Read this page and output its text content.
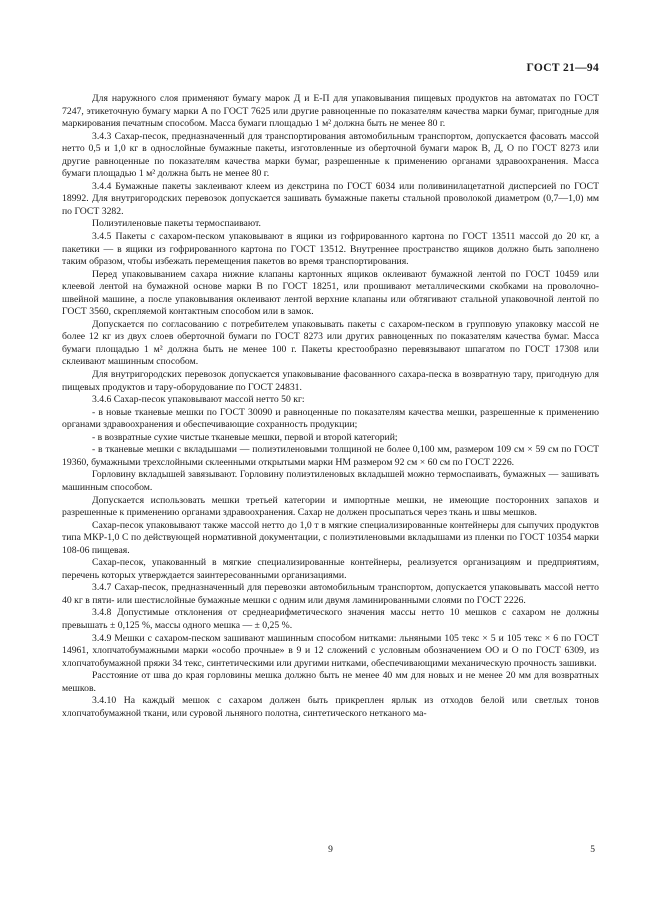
ГОСТ 21—94

Для наружного слоя применяют бумагу марок Д и Е-П для упаковывания пищевых продуктов на автоматах по ГОСТ 7247, этикеточную бумагу марки А по ГОСТ 7625 или другие равноценные по показателям качества марки бумаг, пригодные для маркирования печатным способом. Масса бумаги площадью 1 м² должна быть не менее 80 г.

3.4.3 Сахар-песок, предназначенный для транспортирования автомобильным транспортом, допускается фасовать массой нетто 0,5 и 1,0 кг в однослойные бумажные пакеты, изготовленные из оберточной бумаги марок В, Д, О по ГОСТ 8273 или другие равноценные по показателям качества марки бумаг, разрешенные к применению органами здравоохранения. Масса бумаги площадью 1 м² должна быть не менее 80 г.

3.4.4 Бумажные пакеты заклеивают клеем из декстрина по ГОСТ 6034 или поливинилацетатной дисперсией по ГОСТ 18992. Для внутригородских перевозок допускается зашивать бумажные пакеты стальной проволокой диаметром (0,7—1,0) мм по ГОСТ 3282.

Полиэтиленовые пакеты термоспаивают.

3.4.5 Пакеты с сахаром-песком упаковывают в ящики из гофрированного картона по ГОСТ 13511 массой до 20 кг, а пакетики — в ящики из гофрированного картона по ГОСТ 13512. Внутреннее пространство ящиков должно быть заполнено таким образом, чтобы избежать перемещения пакетов во время транспортирования.

Перед упаковыванием сахара нижние клапаны картонных ящиков оклеивают бумажной лентой по ГОСТ 10459 или клеевой лентой на бумажной основе марки В по ГОСТ 18251, или прошивают металлическими скобками на проволочно-швейной машине, а после упаковывания оклеивают лентой верхние клапаны или обтягивают стальной упаковочной лентой по ГОСТ 3560, скрепляемой контактным способом или в замок.

Допускается по согласованию с потребителем упаковывать пакеты с сахаром-песком в групповую упаковку массой не более 12 кг из двух слоев оберточной бумаги по ГОСТ 8273 или других равноценных по показателям качества бумаг. Масса бумаги площадью 1 м² должна быть не менее 100 г. Пакеты крестообразно перевязывают шпагатом по ГОСТ 17308 или склеивают машинным способом.

Для внутригородских перевозок допускается упаковывание фасованного сахара-песка в возвратную тару, пригодную для пищевых продуктов и тару-оборудование по ГОСТ 24831.

3.4.6 Сахар-песок упаковывают массой нетто 50 кг:

- в новые тканевые мешки по ГОСТ 30090 и равноценные по показателям качества мешки, разрешенные к применению органами здравоохранения и обеспечивающие сохранность продукции;

- в возвратные сухие чистые тканевые мешки, первой и второй категорий;

- в тканевые мешки с вкладышами — полиэтиленовыми толщиной не более 0,100 мм, размером 109 см × 59 см по ГОСТ 19360, бумажными трехслойными склеенными открытыми марки НМ размером 92 см × 60 см по ГОСТ 2226.

Горловину вкладышей завязывают. Горловину полиэтиленовых вкладышей можно термоспаивать, бумажных — зашивать машинным способом.

Допускается использовать мешки третьей категории и импортные мешки, не имеющие посторонних запахов и разрешенные к применению органами здравоохранения. Сахар не должен просыпаться через ткань и швы мешков.

Сахар-песок упаковывают также массой нетто до 1,0 т в мягкие специализированные контейнеры для сыпучих продуктов типа МКР-1,0 С по действующей нормативной документации, с полиэтиленовыми вкладышами из пленки по ГОСТ 10354 марки 108-06 пищевая.

Сахар-песок, упакованный в мягкие специализированные контейнеры, реализуется организациям и предприятиям, перечень которых утверждается заинтересованными организациями.

3.4.7 Сахар-песок, предназначенный для перевозки автомобильным транспортом, допускается упаковывать массой нетто 40 кг в пяти- или шестислойные бумажные мешки с одним или двумя ламинированными слоями по ГОСТ 2226.

3.4.8 Допустимые отклонения от среднеарифметического значения массы нетто 10 мешков с сахаром не должны превышать ± 0,125 %, массы одного мешка — ± 0,25 %.

3.4.9 Мешки с сахаром-песком зашивают машинным способом нитками: льняными 105 текс × 5 и 105 текс × 6 по ГОСТ 14961, хлопчатобумажными марки «особо прочные» в 9 и 12 сложений с условным обозначением ОО и О по ГОСТ 6309, из хлопчатобумажной пряжи 34 текс, синтетическими или другими нитками, обеспечивающими механическую прочность зашивки.

Расстояние от шва до края горловины мешка должно быть не менее 40 мм для новых и не менее 20 мм для возвратных мешков.

3.4.10 На каждый мешок с сахаром должен быть прикреплен ярлык из отходов белой или светлых тонов хлопчатобумажной ткани, или суровой льняного полотна, синтетического нетканого ма-

9	5
